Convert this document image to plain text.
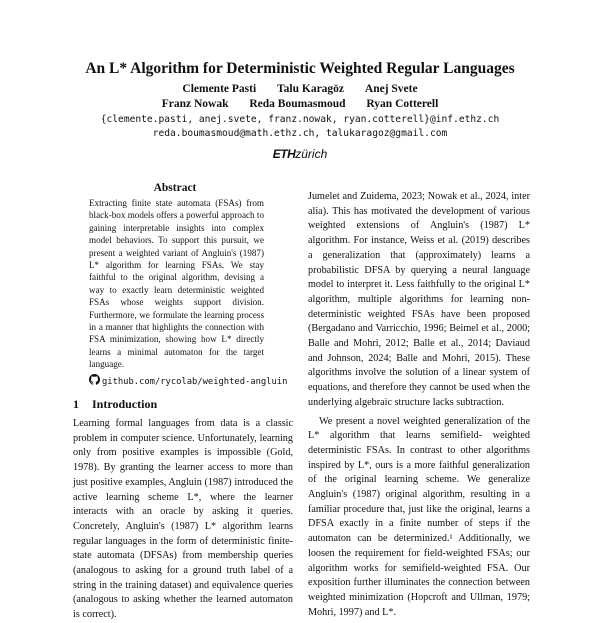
An L* Algorithm for Deterministic Weighted Regular Languages
Clemente Pasti Talu Karagöz Anej Svete
Franz Nowak Reda Boumasmoud Ryan Cotterell
{clemente.pasti, anej.svete, franz.nowak, ryan.cotterell}@inf.ethz.ch
reda.boumasmoud@math.ethz.ch, talukaragoz@gmail.com
ETHzürich
Abstract
Extracting finite state automata (FSAs) from black-box models offers a powerful approach to gaining interpretable insights into complex model behaviors. To support this pursuit, we present a weighted variant of Angluin's (1987) L* algorithm for learning FSAs. We stay faithful to the original algorithm, devising a way to exactly learn deterministic weighted FSAs whose weights support division. Furthermore, we formulate the learning process in a manner that highlights the connection with FSA minimization, showing how L* directly learns a minimal automaton for the target language.
github.com/rycolab/weighted-angluin
1 Introduction

Learning formal languages from data is a classic problem in computer science. Unfortunately, learning only from positive examples is impossible (Gold, 1978). By granting the learner access to more than just positive examples, Angluin (1987) introduced the active learning scheme L*, where the learner interacts with an oracle by asking it queries. Concretely, Angluin's (1987) L* algorithm learns regular languages in the form of deterministic finite-state automata (DFSAs) from membership queries (analogous to asking for a ground truth label of a string in the training dataset) and equivalence queries (analogous to asking whether the learned automaton is correct).

Jumelet and Zuidema, 2023; Nowak et al., 2024, inter alia). This has motivated the development of various weighted extensions of Angluin's (1987) L* algorithm. For instance, Weiss et al. (2019) describes a generalization that (approximately) learns a probabilistic DFSA by querying a neural language model to interpret it. Less faithfully to the original L* algorithm, multiple algorithms for learning non-deterministic weighted FSAs have been proposed (Bergadano and Varricchio, 1996; Beimel et al., 2000; Balle and Mohri, 2012; Balle et al., 2014; Daviaud and Johnson, 2024; Balle and Mohri, 2015). These algorithms involve the solution of a linear system of equations, and therefore they cannot be used when the underlying algebraic structure lacks subtraction.

We present a novel weighted generalization of the L* algorithm that learns semifield- weighted deterministic FSAs. In contrast to other algorithms inspired by L*, ours is a more faithful generalization of the original learning scheme. We generalize Angluin's (1987) original algorithm, resulting in a familiar procedure that, just like the original, learns a DFSA exactly in a finite number of steps if the automaton can be determinized.¹ Additionally, we loosen the requirement for field-weighted FSAs; our algorithm works for semifield-weighted FSA. Our exposition further illuminates the connection between weighted minimization (Hopcroft and Ullman, 1979; Mohri, 1997) and L*.
